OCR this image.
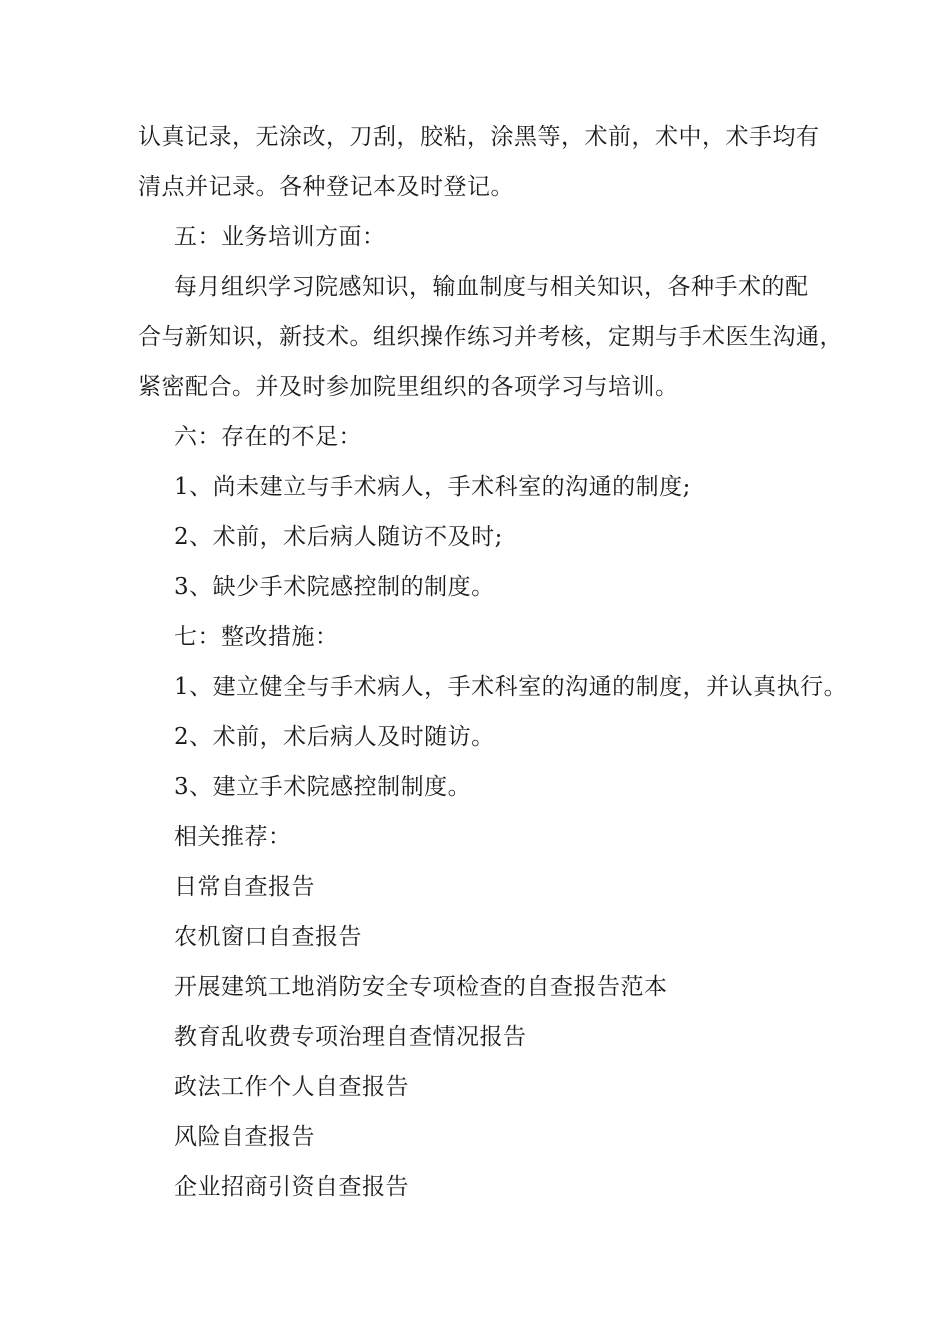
认真记录，无涂改，刀刮，胶粘，涂黑等，术前，术中，术手均有
清点并记录。各种登记本及时登记。
五：业务培训方面：
每月组织学习院感知识，输血制度与相关知识，各种手术的配
合与新知识，新技术。组织操作练习并考核，定期与手术医生沟通，
紧密配合。并及时参加院里组织的各项学习与培训。
六：存在的不足：
1、尚未建立与手术病人，手术科室的沟通的制度;
2、术前，术后病人随访不及时;
3、缺少手术院感控制的制度。
七：整改措施：
1、建立健全与手术病人，手术科室的沟通的制度，并认真执行。
2、术前，术后病人及时随访。
3、建立手术院感控制制度。
相关推荐：
日常自查报告
农机窗口自查报告
开展建筑工地消防安全专项检查的自查报告范本
教育乱收费专项治理自查情况报告
政法工作个人自查报告
风险自查报告
企业招商引资自查报告
